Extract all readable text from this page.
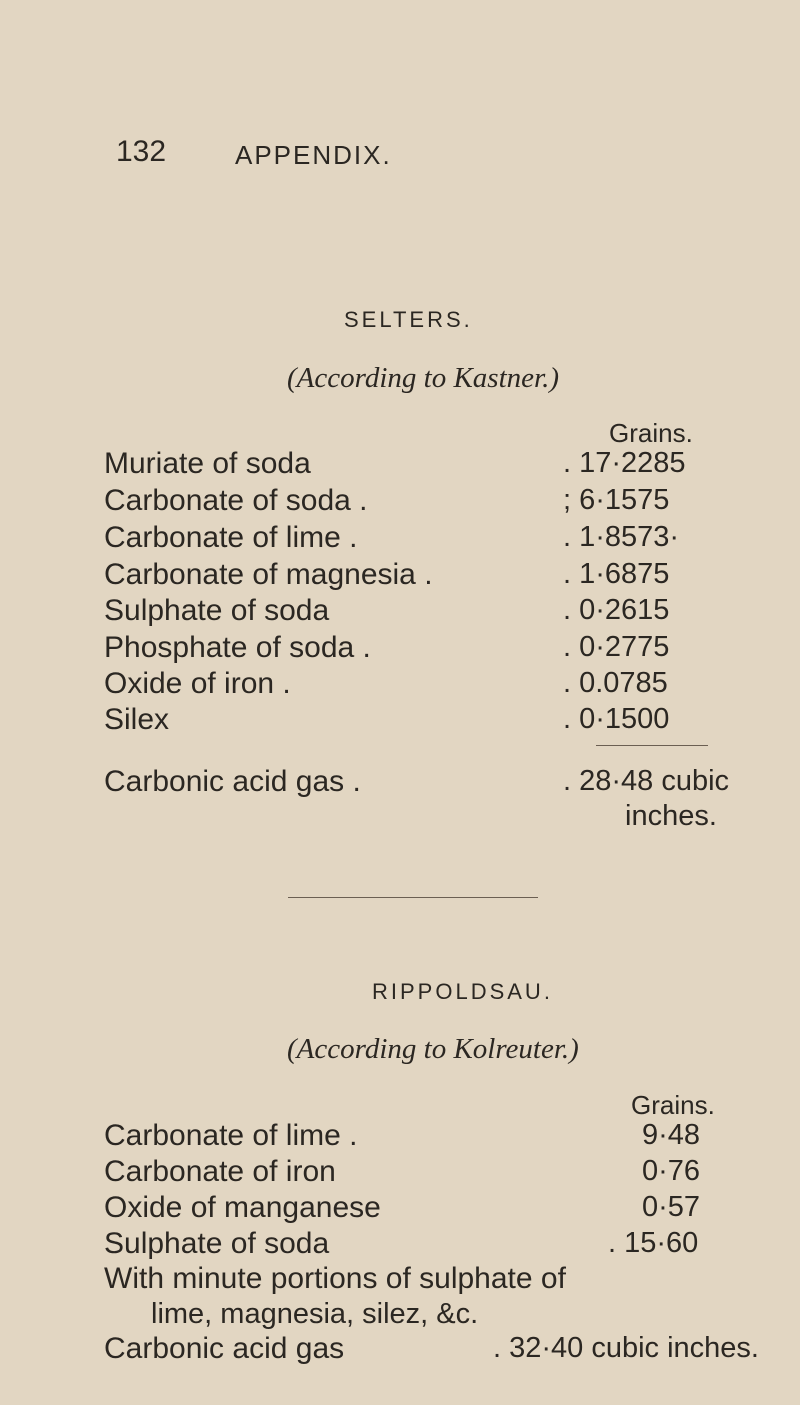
132	APPENDIX.
SELTERS.
(According to Kastner.)
Grains.
Muriate of soda	. 17·2285
Carbonate of soda .	; 6·1575
Carbonate of lime .	. 1·8573·
Carbonate of magnesia .	. 1·6875
Sulphate of soda	. 0·2615
Phosphate of soda .	. 0·2775
Oxide of iron .	. 0.0785
Silex	. 0·1500
Carbonic acid gas .	. 28·48 cubic
inches.
RIPPOLDSAU.
(According to Kolreuter.)
Grains.
Carbonate of lime .	9·48
Carbonate of iron	0·76
Oxide of manganese	0·57
Sulphate of soda	. 15·60
With minute portions of sulphate of
lime, magnesia, silez, &c.
Carbonic acid gas	. 32·40 cubic inches.
